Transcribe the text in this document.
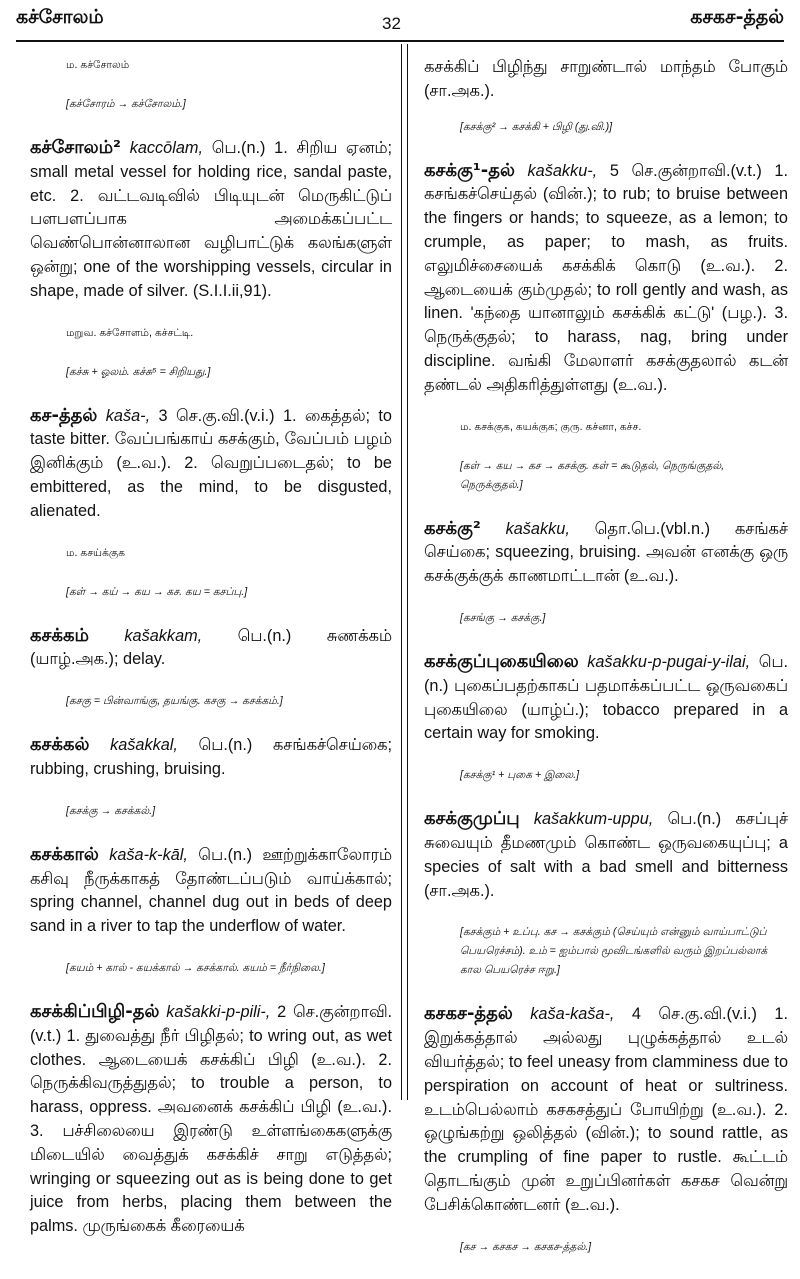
கச்சோலம்	32	கசகச-த்தல்

ம. கச்சோலம்

[கச்சோரம் → கச்சோலம்.]

கச்சோலம்² kaccōlam, பெ.(n.) 1. சிறிய ஏனம்; small metal vessel for holding rice, sandal paste, etc. 2. வட்டவடிவில் பிடியுடன் மெருகிட்டுப் பளபளப்பாக அமைக்கப்பட்ட வெண்பொன்னாலான வழிபாட்டுக் கலங்களுள் ஒன்று; one of the worshipping vessels, circular in shape, made of silver. (S.I.I.ii,91).

மறுவ. கச்சோளம், கச்சட்டி.

[கச்சு + ஓலம். கச்சு⁵ = சிறியது.]

கச-த்தல் kaša-, 3 செ.கு.வி.(v.i.) 1. கைத்தல்; to taste bitter. வேப்பங்காய் கசக்கும், வேப்பம் பழம் இனிக்கும் (உ.வ.). 2. வெறுப்படைதல்; to be embittered, as the mind, to be disgusted, alienated.

ம. கசய்க்குக

[கள் → கய் → கய → கச. கய = கசப்பு.]

கசக்கம் kašakkam, பெ.(n.) சுணக்கம் (யாழ்.அக.); delay.

[கசகு = பின்வாங்கு, தயங்கு. கசகு → கசக்கம்.]

கசக்கல் kašakkal, பெ.(n.) கசங்கச்செய்கை; rubbing, crushing, bruising.

[கசக்கு → கசக்கல்.]

கசக்கால் kaša-k-kāl, பெ.(n.) ஊற்றுக்காலோரம் கசிவு நீருக்காகத் தோண்டப்படும் வாய்க்கால்; spring channel, channel dug out in beds of deep sand in a river to tap the underflow of water.

[கயம் + கால் - கயக்கால் → கசக்கால். கயம் = நீர்நிலை.]

கசக்கிப்பிழி-தல் kašakki-p-pili-, 2 செ.குன்றாவி. (v.t.) 1. துவைத்து நீர் பிழிதல்; to wring out, as wet clothes. ஆடையைக் கசக்கிப் பிழி (உ.வ.). 2. நெருக்கிவருத்துதல்; to trouble a person, to harass, oppress. அவனைக் கசக்கிப் பிழி (உ.வ.). 3. பச்சிலையை இரண்டு உள்ளங்கைகளுக்கு மிடையில் வைத்துக் கசக்கிச் சாறு எடுத்தல்; wringing or squeezing out as is being done to get juice from herbs, placing them between the palms. முருங்கைக் கீரையைக்

கசக்கிப் பிழிந்து சாறுண்டால் மாந்தம் போகும் (சா.அக.).

[கசக்கு² → கசக்கி + பிழி (து.வி.)]

கசக்கு¹-தல் kašakku-, 5 செ.குன்றாவி.(v.t.) 1. கசங்கச்செய்தல் (வின்.); to rub; to bruise between the fingers or hands; to squeeze, as a lemon; to crumple, as paper; to mash, as fruits. எலுமிச்சையைக் கசக்கிக் கொடு (உ.வ.). 2. ஆடையைக் கும்முதல்; to roll gently and wash, as linen. 'கந்தை யானாலும் கசக்கிக் கட்டு' (பழ.). 3. நெருக்குதல்; to harass, nag, bring under discipline. வங்கி மேலாளர் கசக்குதலால் கடன் தண்டல் அதிகரித்துள்ளது (உ.வ.).

ம. கசக்குக, கயக்குக; குரு. கச்னா, கச்ச.

[கள் → கய → கச → கசக்கு. கள் = கூடுதல், நெருங்குதல், நெருக்குதல்.]

கசக்கு² kašakku, தொ.பெ.(vbl.n.) கசங்கச் செய்கை; squeezing, bruising. அவன் எனக்கு ஒரு கசக்குக்குக் காணமாட்டான் (உ.வ.).

[கசங்கு → கசக்கு.]

கசக்குப்புகையிலை kašakku-p-pugai-y-ilai, பெ.(n.) புகைப்பதற்காகப் பதமாக்கப்பட்ட ஒருவகைப் புகையிலை (யாழ்ப்.); tobacco prepared in a certain way for smoking.

[கசக்கு¹ + புகை + இலை.]

கசக்குமுப்பு kašakkum-uppu, பெ.(n.) கசப்புச் சுவையும் தீமணமும் கொண்ட ஒருவகையுப்பு; a species of salt with a bad smell and bitterness (சா.அக.).

[கசக்கும் + உப்பு. கச → கசக்கும் (செய்யும் என்னும் வாய்பாட்டுப் பெயரெச்சம்). உம் = ஐம்பால் மூவிடங்களில் வரும் இறப்பல்லாக் கால பெயரெச்ச ஈறு.]

கசகச-த்தல் kaša-kaša-, 4 செ.கு.வி.(v.i.) 1. இறுக்கத்தால் அல்லது புழுக்கத்தால் உடல் வியர்த்தல்; to feel uneasy from clamminess due to perspiration on account of heat or sultriness. உடம்பெல்லாம் கசகசத்துப் போயிற்று (உ.வ.). 2. ஒழுங்கற்று ஒலித்தல் (வின்.); to sound rattle, as the crumpling of fine paper to rustle. கூட்டம் தொடங்கும் முன் உறுப்பினர்கள் கசகச வென்று பேசிக்கொண்டனர் (உ.வ.).

[கச → கசகச → கசகச-த்தல்.]
